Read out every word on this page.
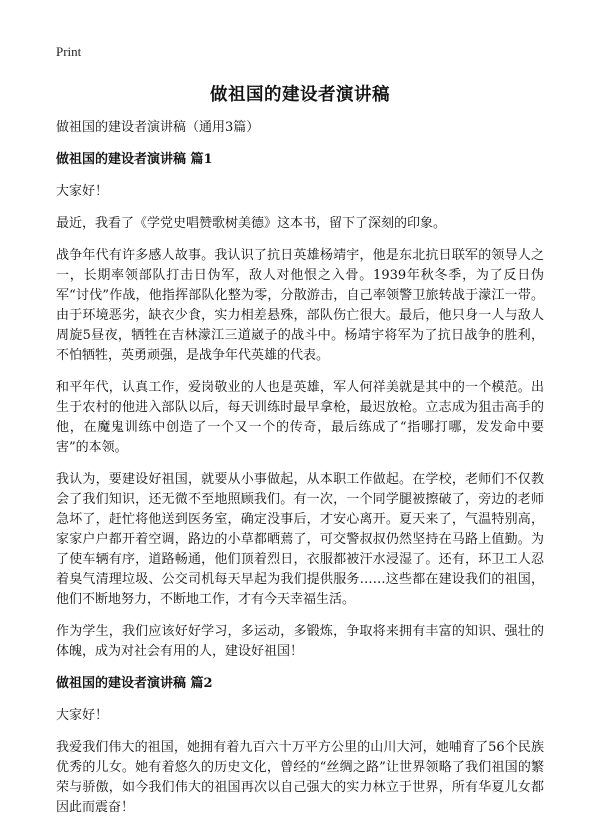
Print
做祖国的建设者演讲稿

做祖国的建设者演讲稿（通用3篇）

做祖国的建设者演讲稿 篇1

大家好！

最近，我看了《学党史唱赞歌树美德》这本书，留下了深刻的印象。

战争年代有许多感人故事。我认识了抗日英雄杨靖宇，他是东北抗日联军的领导人之一，长期率领部队打击日伪军，敌人对他恨之入骨。1939年秋冬季，为了反日伪军“讨伐”作战，他指挥部队化整为零，分散游击，自己率领警卫旅转战于濛江一带。由于环境恶劣，缺衣少食，实力相差悬殊，部队伤亡很大。最后，他只身一人与敌人周旋5昼夜，牺牲在吉林濛江三道崴子的战斗中。杨靖宇将军为了抗日战争的胜利，不怕牺牲，英勇顽强，是战争年代英雄的代表。

和平年代，认真工作，爱岗敬业的人也是英雄，军人何祥美就是其中的一个模范。出生于农村的他进入部队以后，每天训练时最早拿枪，最迟放枪。立志成为狙击高手的他，在魔鬼训练中创造了一个又一个的传奇，最后练成了“指哪打哪，发发命中要害”的本领。

我认为，要建设好祖国，就要从小事做起，从本职工作做起。在学校，老师们不仅教会了我们知识，还无微不至地照顾我们。有一次，一个同学腿被擦破了，旁边的老师急坏了，赶忙将他送到医务室，确定没事后，才安心离开。夏天来了，气温特别高，家家户户都开着空调，路边的小草都晒蔫了，可交警叔叔仍然坚持在马路上值勤。为了使车辆有序，道路畅通，他们顶着烈日，衣服都被汗水浸湿了。还有，环卫工人忍着臭气清理垃圾、公交司机每天早起为我们提供服务……这些都在建设我们的祖国，他们不断地努力，不断地工作，才有今天幸福生活。

作为学生，我们应该好好学习，多运动，多锻炼，争取将来拥有丰富的知识、强壮的体魄，成为对社会有用的人，建设好祖国！

做祖国的建设者演讲稿 篇2

大家好！

我爱我们伟大的祖国，她拥有着九百六十万平方公里的山川大河，她哺育了56个民族优秀的儿女。她有着悠久的历史文化，曾经的“丝绸之路”让世界领略了我们祖国的繁荣与骄傲，如今我们伟大的祖国再次以自己强大的实力林立于世界，所有华夏儿女都因此而震奋！
